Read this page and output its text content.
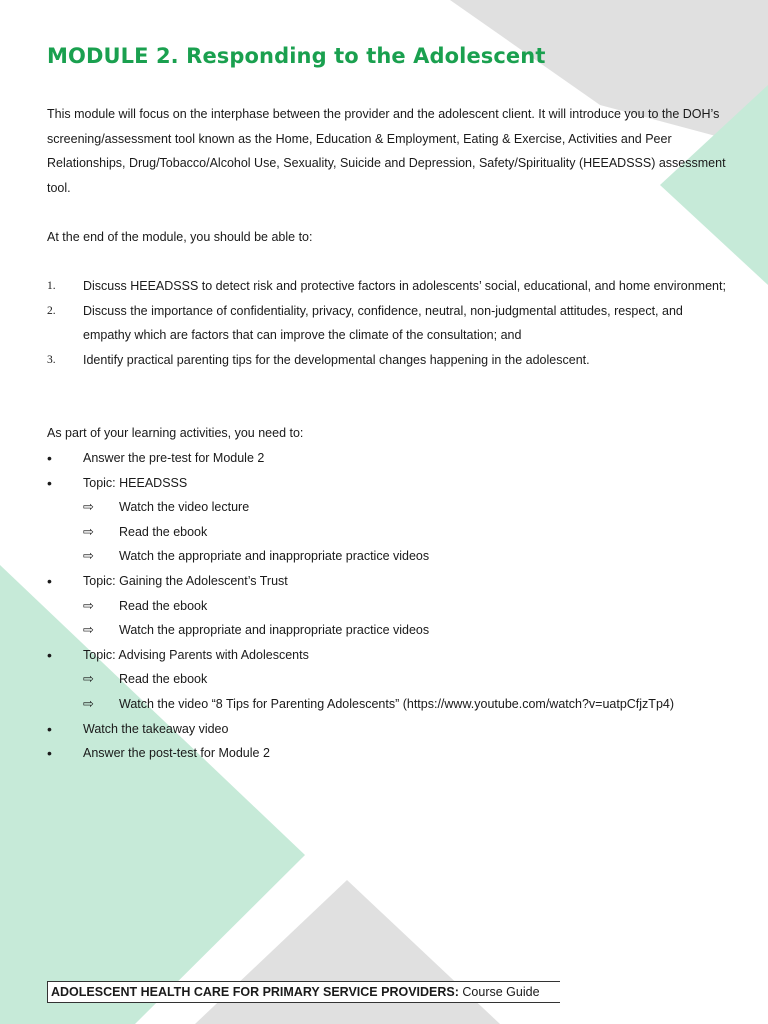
MODULE 2. Responding to the Adolescent

This module will focus on the interphase between the provider and the adolescent client. It will introduce you to the DOH’s screening/assessment tool known as the Home, Education & Employment, Eating & Exercise, Activities and Peer Relationships, Drug/Tobacco/Alcohol Use, Sexuality, Suicide and Depression, Safety/Spirituality (HEEADSSS) assessment tool.

At the end of the module, you should be able to:

1. Discuss HEEADSSS to detect risk and protective factors in adolescents’ social, educational, and home environment;
2. Discuss the importance of confidentiality, privacy, confidence, neutral, non-judgmental attitudes, respect, and empathy which are factors that can improve the climate of the consultation; and
3. Identify practical parenting tips for the developmental changes happening in the adolescent.

As part of your learning activities, you need to:

• Answer the pre-test for Module 2
• Topic: HEEADSSS
⇨ Watch the video lecture
⇨ Read the ebook
⇨ Watch the appropriate and inappropriate practice videos
• Topic: Gaining the Adolescent’s Trust
⇨ Read the ebook
⇨ Watch the appropriate and inappropriate practice videos
• Topic: Advising Parents with Adolescents
⇨ Read the ebook
⇨ Watch the video “8 Tips for Parenting Adolescents” (https://www.youtube.com/watch?v=uatpCfjzTp4)
• Watch the takeaway video
• Answer the post-test for Module 2
ADOLESCENT HEALTH CARE FOR PRIMARY SERVICE PROVIDERS: Course Guide
